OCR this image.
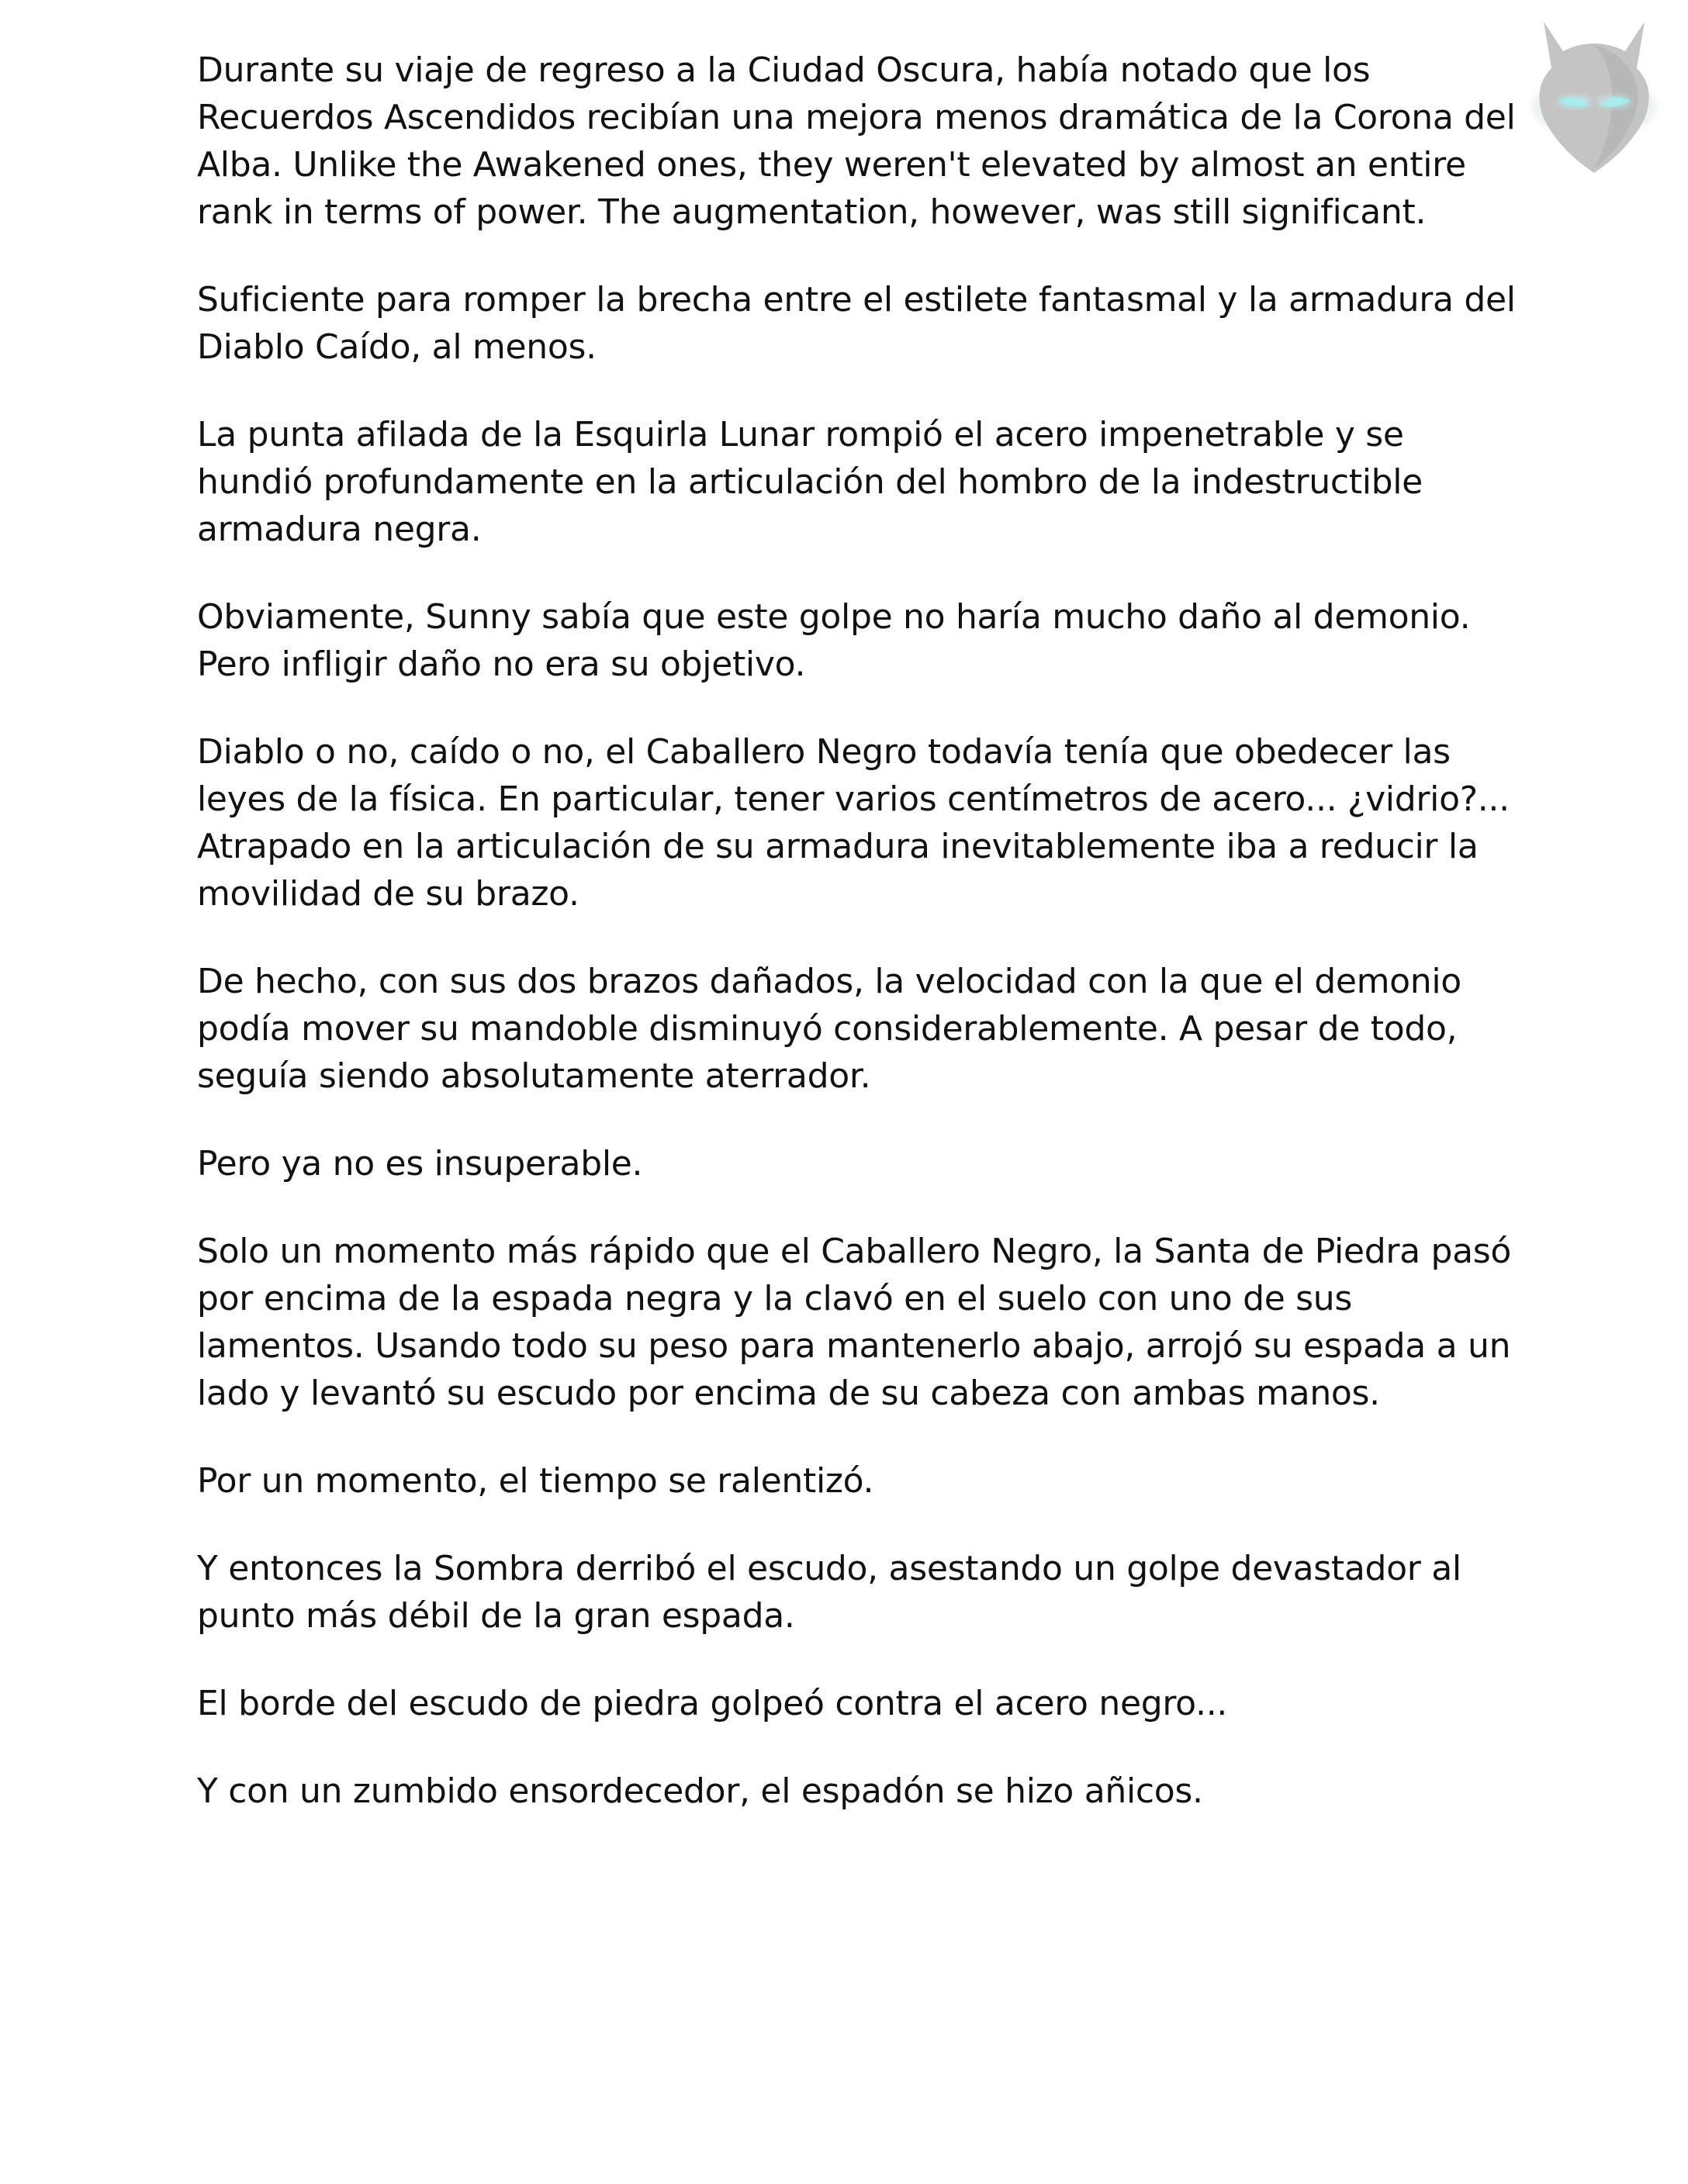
Durante su viaje de regreso a la Ciudad Oscura, había notado que los Recuerdos Ascendidos recibían una mejora menos dramática de la Corona del Alba. Unlike the Awakened ones, they weren't elevated by almost an entire rank in terms of power. The augmentation, however, was still significant.

Suficiente para romper la brecha entre el estilete fantasmal y la armadura del Diablo Caído, al menos.

La punta afilada de la Esquirla Lunar rompió el acero impenetrable y se hundió profundamente en la articulación del hombro de la indestructible armadura negra.

Obviamente, Sunny sabía que este golpe no haría mucho daño al demonio. Pero infligir daño no era su objetivo.

Diablo o no, caído o no, el Caballero Negro todavía tenía que obedecer las leyes de la física. En particular, tener varios centímetros de acero... ¿vidrio?... Atrapado en la articulación de su armadura inevitablemente iba a reducir la movilidad de su brazo.

De hecho, con sus dos brazos dañados, la velocidad con la que el demonio podía mover su mandoble disminuyó considerablemente. A pesar de todo, seguía siendo absolutamente aterrador.

Pero ya no es insuperable.

Solo un momento más rápido que el Caballero Negro, la Santa de Piedra pasó por encima de la espada negra y la clavó en el suelo con uno de sus lamentos. Usando todo su peso para mantenerlo abajo, arrojó su espada a un lado y levantó su escudo por encima de su cabeza con ambas manos.

Por un momento, el tiempo se ralentizó.

Y entonces la Sombra derribó el escudo, asestando un golpe devastador al punto más débil de la gran espada.

El borde del escudo de piedra golpeó contra el acero negro...

Y con un zumbido ensordecedor, el espadón se hizo añicos.
